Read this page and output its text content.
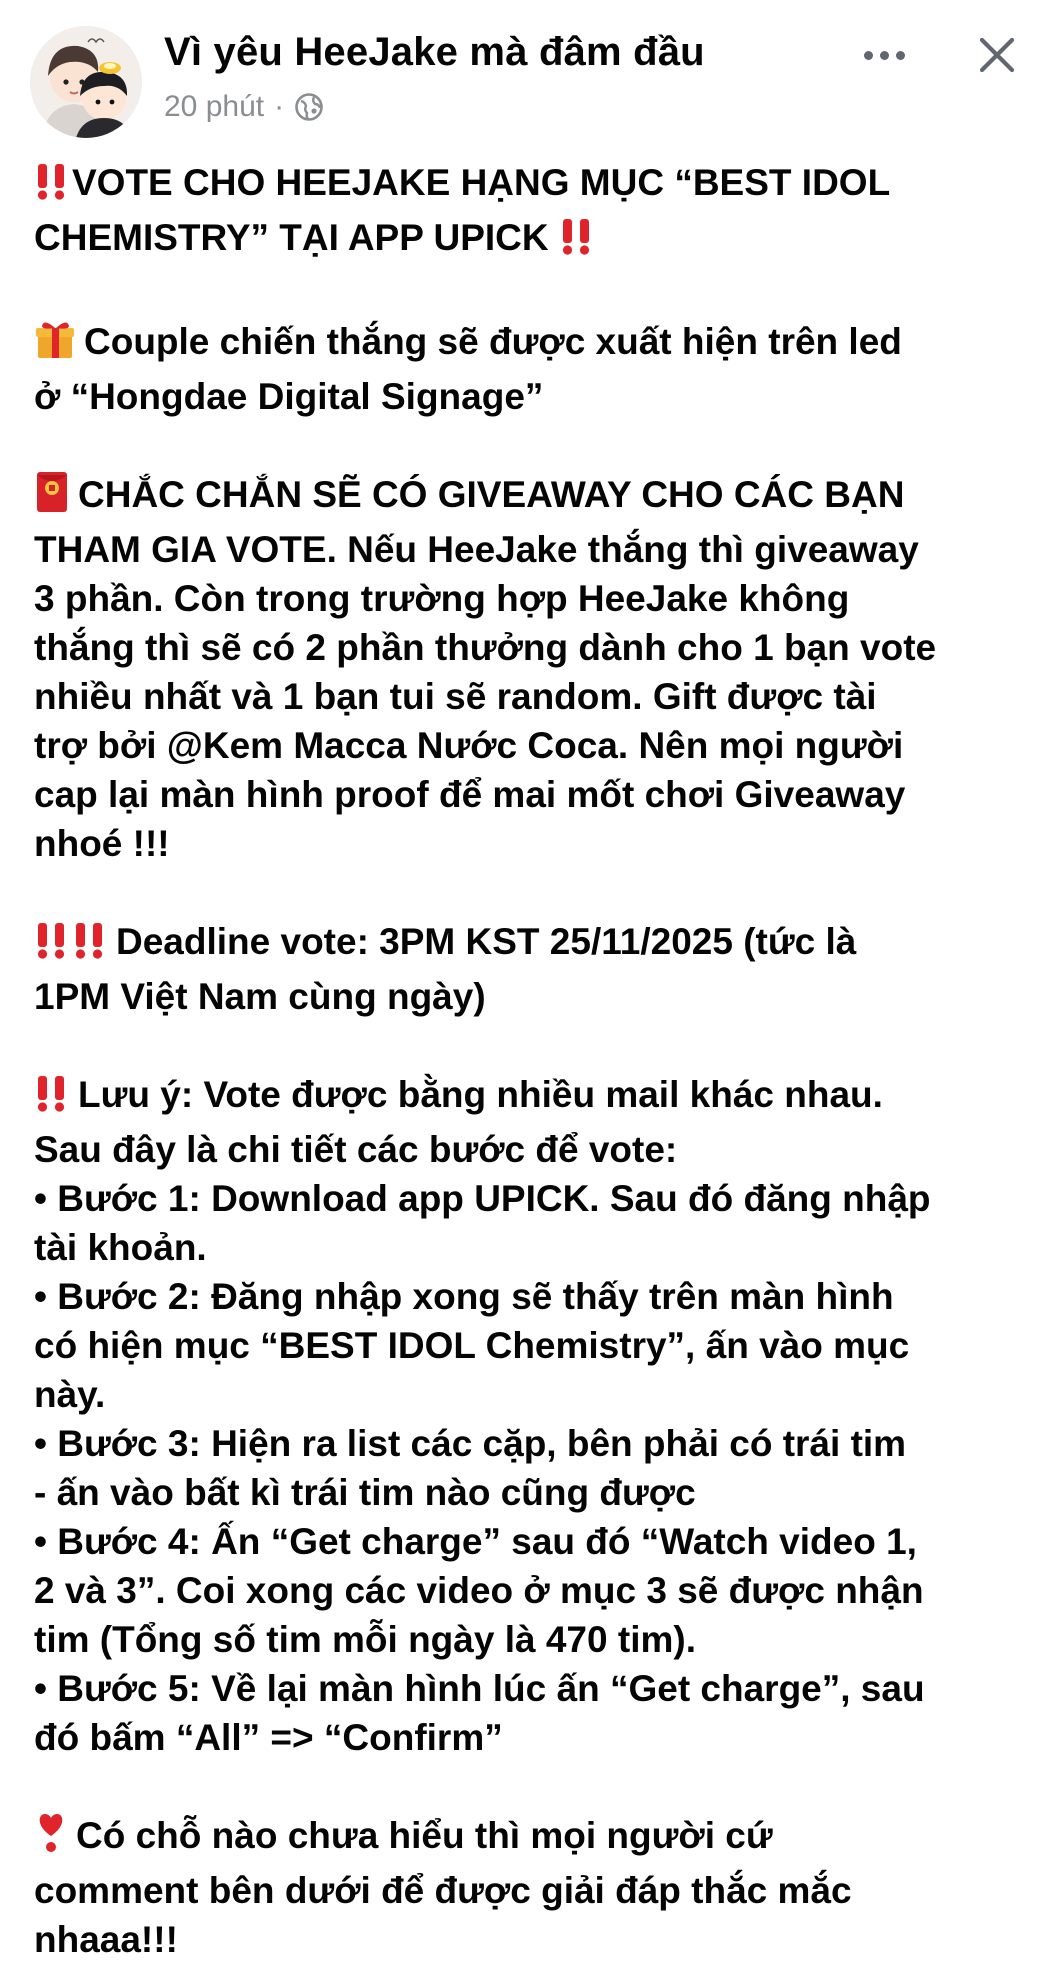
Vì yêu HeeJake mà đâm đầu
20 phút ·
VOTE CHO HEEJAKE HẠNG MỤC “BEST IDOL
CHEMISTRY” TẠI APP UPICK
Couple chiến thắng sẽ được xuất hiện trên led
ở “Hongdae Digital Signage”
CHẮC CHẮN SẼ CÓ GIVEAWAY CHO CÁC BẠN
THAM GIA VOTE. Nếu HeeJake thắng thì giveaway
3 phần. Còn trong trường hợp HeeJake không
thắng thì sẽ có 2 phần thưởng dành cho 1 bạn vote
nhiều nhất và 1 bạn tui sẽ random. Gift được tài
trợ bởi @Kem Macca Nước Coca. Nên mọi người
cap lại màn hình proof để mai mốt chơi Giveaway
nhoé !!!
Deadline vote: 3PM KST 25/11/2025 (tức là
1PM Việt Nam cùng ngày)
Lưu ý: Vote được bằng nhiều mail khác nhau.
Sau đây là chi tiết các bước để vote:
• Bước 1: Download app UPICK. Sau đó đăng nhập
tài khoản.
• Bước 2: Đăng nhập xong sẽ thấy trên màn hình
có hiện mục “BEST IDOL Chemistry”, ấn vào mục
này.
• Bước 3: Hiện ra list các cặp, bên phải có trái tim
- ấn vào bất kì trái tim nào cũng được
• Bước 4: Ấn “Get charge” sau đó “Watch video 1,
2 và 3”. Coi xong các video ở mục 3 sẽ được nhận
tim (Tổng số tim mỗi ngày là 470 tim).
• Bước 5: Về lại màn hình lúc ấn “Get charge”, sau
đó bấm “All” => “Confirm”
Có chỗ nào chưa hiểu thì mọi người cứ
comment bên dưới để được giải đáp thắc mắc
nhaaa!!!
